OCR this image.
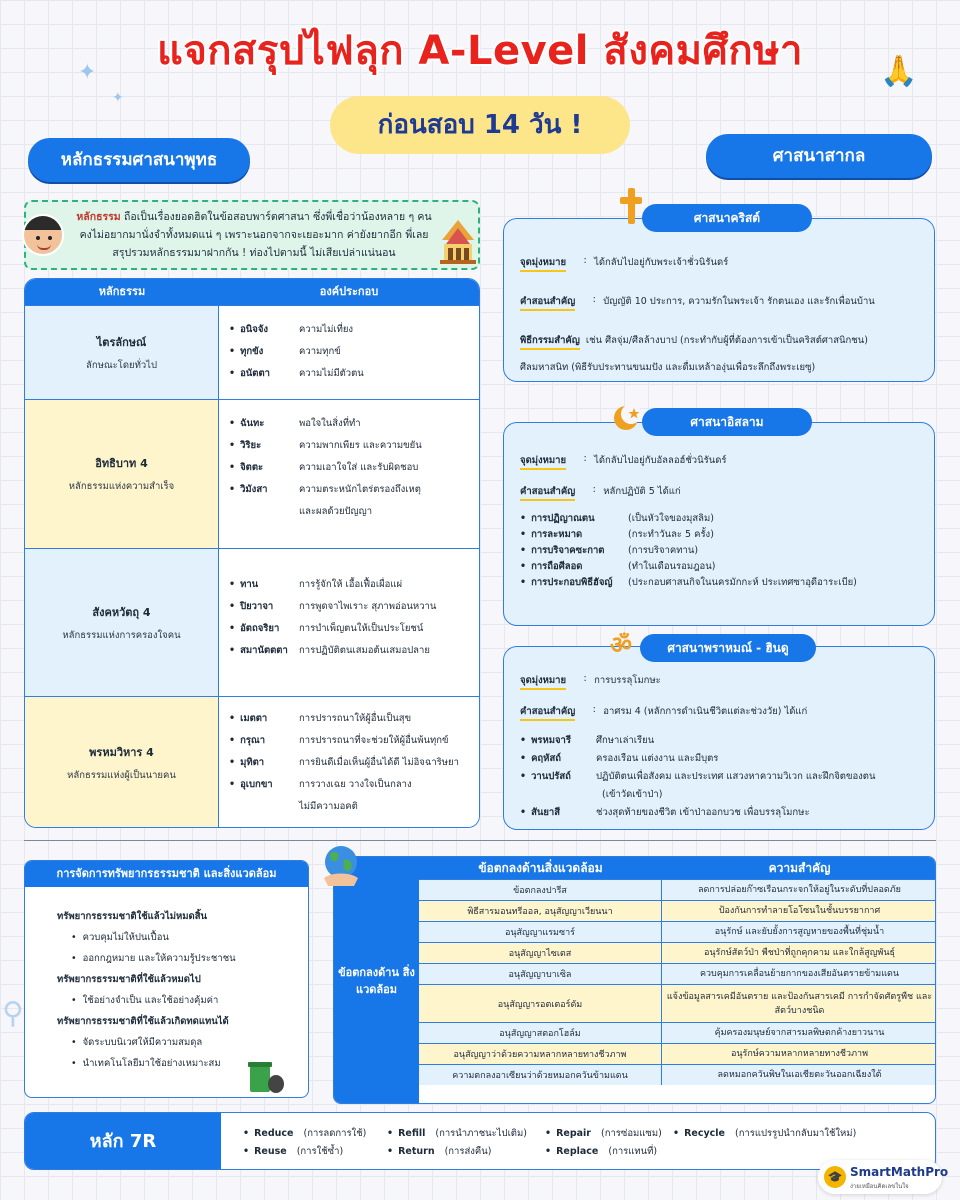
แจกสรุปไฟลุก A-Level สังคมศึกษา
✦
✦
🙏
ก่อนสอบ 14 วัน !
หลักธรรมศาสนาพุทธ	ศาสนาสากล
หลักธรรม ถือเป็นเรื่องยอดฮิตในข้อสอบพาร์ตศาสนา ซึ่งพี่เชื่อว่าน้องหลาย ๆ คนคงไม่อยากมานั่งจำทั้งหมดแน่ ๆ เพราะนอกจากจะเยอะมาก ค่ายังยากอีก พี่เลยสรุปรวมหลักธรรมมาฝากกัน ! ท่องไปตามนี้ ไม่เสียเปล่าแน่นอน
หลักธรรม	องค์ประกอบ
ไตรลักษณ์
ลักษณะโดยทั่วไป
• อนิจจัง	ความไม่เที่ยง
• ทุกขัง	ความทุกข์
• อนัตตา	ความไม่มีตัวตน
อิทธิบาท 4
หลักธรรมแห่งความสำเร็จ
• ฉันทะ	พอใจในสิ่งที่ทำ
• วิริยะ	ความพากเพียร และความขยัน
• จิตตะ	ความเอาใจใส่ และรับผิดชอบ
• วิมังสา	ความตระหนักไตร่ตรองถึงเหตุ
และผลด้วยปัญญา
สังคหวัตถุ 4
หลักธรรมแห่งการครองใจคน
• ทาน	การรู้จักให้ เอื้อเฟื้อเผื่อแผ่
• ปิยวาจา	การพูดจาไพเราะ สุภาพอ่อนหวาน
• อัตถจริยา	การบำเพ็ญตนให้เป็นประโยชน์
• สมานัตตตา	การปฏิบัติตนเสมอต้นเสมอปลาย
พรหมวิหาร 4
หลักธรรมแห่งผู้เป็นนายคน
• เมตตา	การปรารถนาให้ผู้อื่นเป็นสุข
• กรุณา	การปรารถนาที่จะช่วยให้ผู้อื่นพ้นทุกข์
• มุทิตา	การยินดีเมื่อเห็นผู้อื่นได้ดี ไม่อิจฉาริษยา
• อุเบกขา	การวางเฉย วางใจเป็นกลาง
ไม่มีความอคติ
จุดมุ่งหมาย	: ได้กลับไปอยู่กับพระเจ้าชั่วนิรันดร์
คำสอนสำคัญ	: บัญญัติ 10 ประการ, ความรักในพระเจ้า รักตนเอง และรักเพื่อนบ้าน
พิธีกรรมสำคัญ เช่น ศีลจุ่ม/ศีลล้างบาป (กระทำกับผู้ที่ต้องการเข้าเป็นคริสต์ศาสนิกชน)
ศีลมหาสนิท (พิธีรับประทานขนมปัง และดื่มเหล้าองุ่นเพื่อระลึกถึงพระเยซู)
ศาสนาคริสต์
จุดมุ่งหมาย	: ได้กลับไปอยู่กับอัลลอฮ์ชั่วนิรันดร์
คำสอนสำคัญ	: หลักปฏิบัติ 5 ได้แก่
• การปฏิญาณตน	(เป็นหัวใจของมุสลิม)
• การละหมาด	(กระทำวันละ 5 ครั้ง)
• การบริจาคซะกาต	(การบริจาคทาน)
• การถือศีลอด	(ทำในเดือนรอมฎอน)
• การประกอบพิธีฮัจญ์	(ประกอบศาสนกิจในนครมักกะห์ ประเทศซาอุดีอาระเบีย)
ศาสนาอิสลาม
จุดมุ่งหมาย	: การบรรลุโมกษะ
คำสอนสำคัญ	: อาศรม 4 (หลักการดำเนินชีวิตแต่ละช่วงวัย) ได้แก่
• พรหมจารี	ศึกษาเล่าเรียน
• คฤหัสถ์	ครองเรือน แต่งงาน และมีบุตร
• วานปรัสถ์	ปฏิบัติตนเพื่อสังคม และประเทศ แสวงหาความวิเวก และฝึกจิตของตน
(เข้าวัดเข้าป่า)
• สันยาสี	ช่วงสุดท้ายของชีวิต เข้าป่าออกบวช เพื่อบรรลุโมกษะ
ศาสนาพราหมณ์ - ฮินดู
ॐ
การจัดการทรัพยากรธรรมชาติ และสิ่งแวดล้อม
ทรัพยากรธรรมชาติใช้แล้วไม่หมดสิ้น
• ควบคุมไม่ให้ปนเปื้อน
• ออกกฎหมาย และให้ความรู้ประชาชน
ทรัพยากรธรรมชาติที่ใช้แล้วหมดไป
• ใช้อย่างจำเป็น และใช้อย่างคุ้มค่า
ทรัพยากรธรรมชาติที่ใช้แล้วเกิดทดแทนได้
• จัดระบบนิเวศให้มีความสมดุล
• นำเทคโนโลยีมาใช้อย่างเหมาะสม
⚲
ข้อตกลงด้าน สิ่งแวดล้อม
ข้อตกลงด้านสิ่งแวดล้อม	ความสำคัญ
ข้อตกลงปารีส	ลดการปล่อยก๊าซเรือนกระจกให้อยู่ในระดับที่ปลอดภัย
พิธีสารมอนทรีออล, อนุสัญญาเวียนนา	ป้องกันการทำลายโอโซนในชั้นบรรยากาศ
อนุสัญญาแรมซาร์	อนุรักษ์ และยับยั้งการสูญหายของพื้นที่ชุ่มน้ำ
อนุสัญญาไซเตส	อนุรักษ์สัตว์ป่า พืชป่าที่ถูกคุกคาม และใกล้สูญพันธุ์
อนุสัญญาบาเซิล	ควบคุมการเคลื่อนย้ายกากของเสียอันตรายข้ามแดน
อนุสัญญารอตเตอร์ดัม
แจ้งข้อมูลสารเคมีอันตราย และป้องกันสารเคมี การกำจัดศัตรูพืช และสัตว์บางชนิด
อนุสัญญาสตอกโฮล์ม	คุ้มครองมนุษย์จากสารมลพิษตกค้างยาวนาน
อนุสัญญาว่าด้วยความหลากหลายทางชีวภาพ	อนุรักษ์ความหลากหลายทางชีวภาพ
ความตกลงอาเซียนว่าด้วยหมอกควันข้ามแดน	ลดหมอกควันพิษในเอเชียตะวันออกเฉียงใต้
หลัก 7R
•	Reduce (การลดการใช้)
• Reuse (การใช้ซ้ำ)
• Refill (การนำภาชนะไปเติม)
• Return (การส่งคืน)
• Repair (การซ่อมแซม)
• Replace (การแทนที่)
• Recycle (การแปรรูปนำกลับมาใช้ใหม่)
🎓 SmartMathPro
ง่ายเหมือนคิดเลขในใจ
